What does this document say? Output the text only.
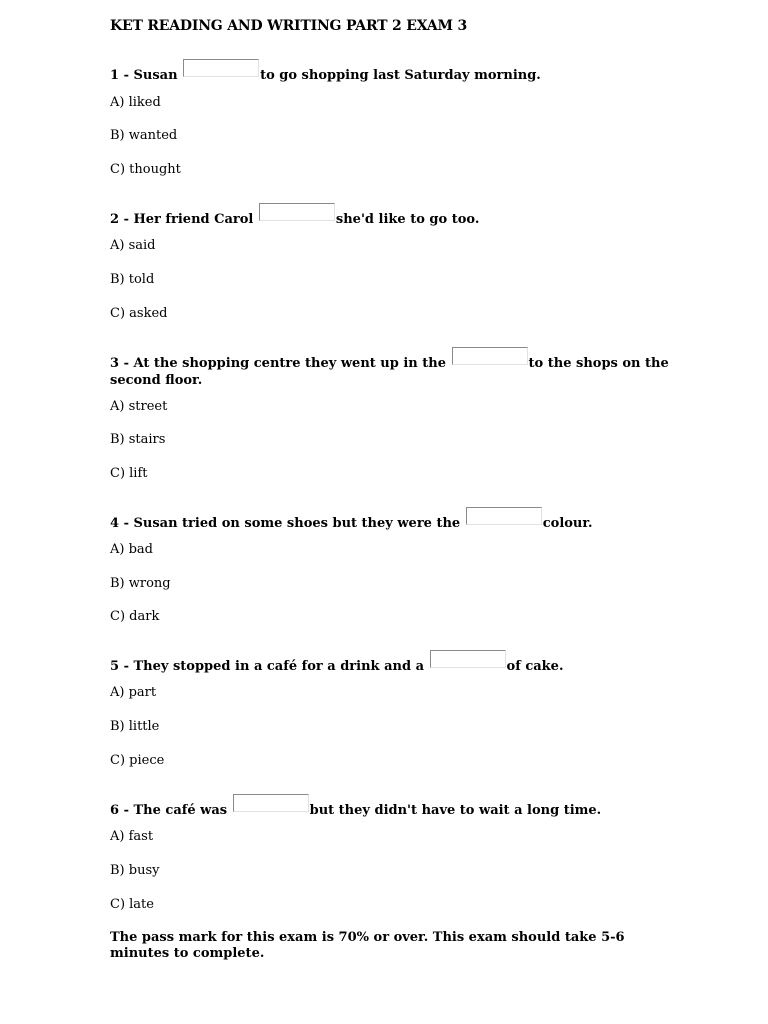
KET READING AND WRITING PART 2 EXAM 3
1 - Susan	to go shopping last Saturday morning.
A) liked
B) wanted
C) thought
2 - Her friend Carol	she'd like to go too.
A) said
B) told
C) asked
3 - At the shopping centre they went up in the	to the shops on the second floor.
A) street
B) stairs
C) lift
4 - Susan tried on some shoes but they were the	colour.
A) bad
B) wrong
C) dark
5 - They stopped in a café for a drink and a	of cake.
A) part
B) little
C) piece
6 - The café was	but they didn't have to wait a long time.
A) fast
B) busy
C) late
The pass mark for this exam is 70% or over. This exam should take 5-6 minutes to complete.
